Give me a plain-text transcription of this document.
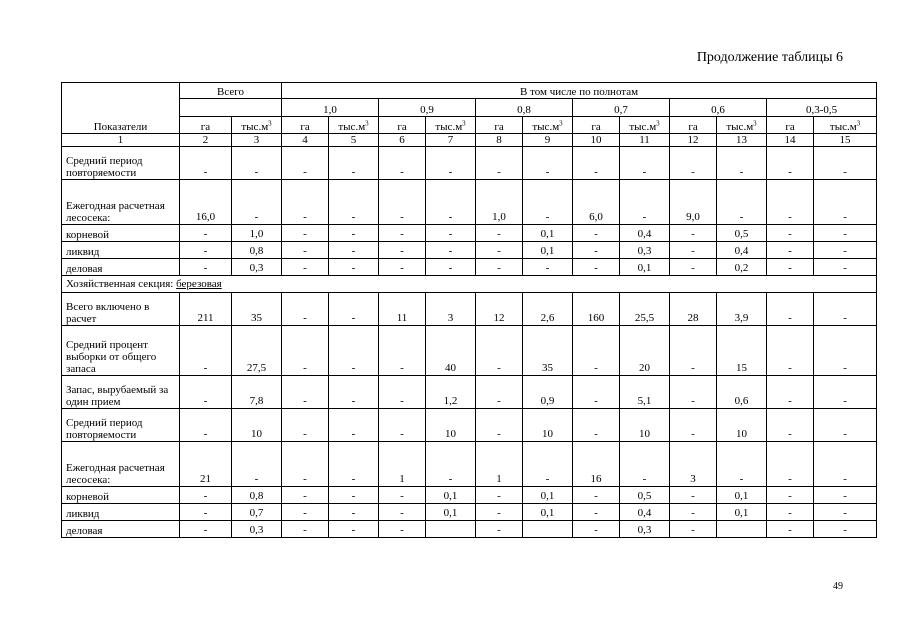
Продолжение таблицы 6
Показатели	Всего		В том числе по полнотам											
			1,0		0,9		0,8		0,7		0,6		0,3-0,5	
	га	$тыс.м^3$	га	$тыс.м^3$	га	$тыс.м^3$	га	$тыс.м^3$	га	$тыс.м^3$	га	$тыс.м^3$	га	$тыс.м^3$
1	2	3	4	5	6	7	8	9	10	11	12	13	14	15
Средний период повторяемости	-	-	-	-	-	-	-	-	-	-	-	-	-	-
Ежегодная расчетная лесосека:	16,0	-	-	-	-	-	1,0	-	6,0	-	9,0	-	-	-
корневой	-	1,0	-	-	-	-	-	0,1	-	0,4	-	0,5	-	-
ликвид	-	0,8	-	-	-	-	-	0,1	-	0,3	-	0,4	-	-
деловая	-	0,3	-	-	-	-	-	-	-	0,1	-	0,2	-	-
Хозяйственная секция: березовая														
Всего включено в расчет	211	35	-	-	11	3	12	2,6	160	25,5	28	3,9	-	-
Средний процент выборки от общего запаса	-	27,5	-	-	-	40	-	35	-	20	-	15	-	-
Запас, вырубаемый за один прием	-	7,8	-	-	-	1,2	-	0,9	-	5,1	-	0,6	-	-
Средний период повторяемости	-	10	-	-	-	10	-	10	-	10	-	10	-	-
Ежегодная расчетная лесосека:	21	-	-	-	1	-	1	-	16	-	3	-	-	-
корневой	-	0,8	-	-	-	0,1	-	0,1	-	0,5	-	0,1	-	-
ликвид	-	0,7	-	-	-	0,1	-	0,1	-	0,4	-	0,1	-	-
деловая	-	0,3	-	-	-		-		-	0,3	-		-	-
49
